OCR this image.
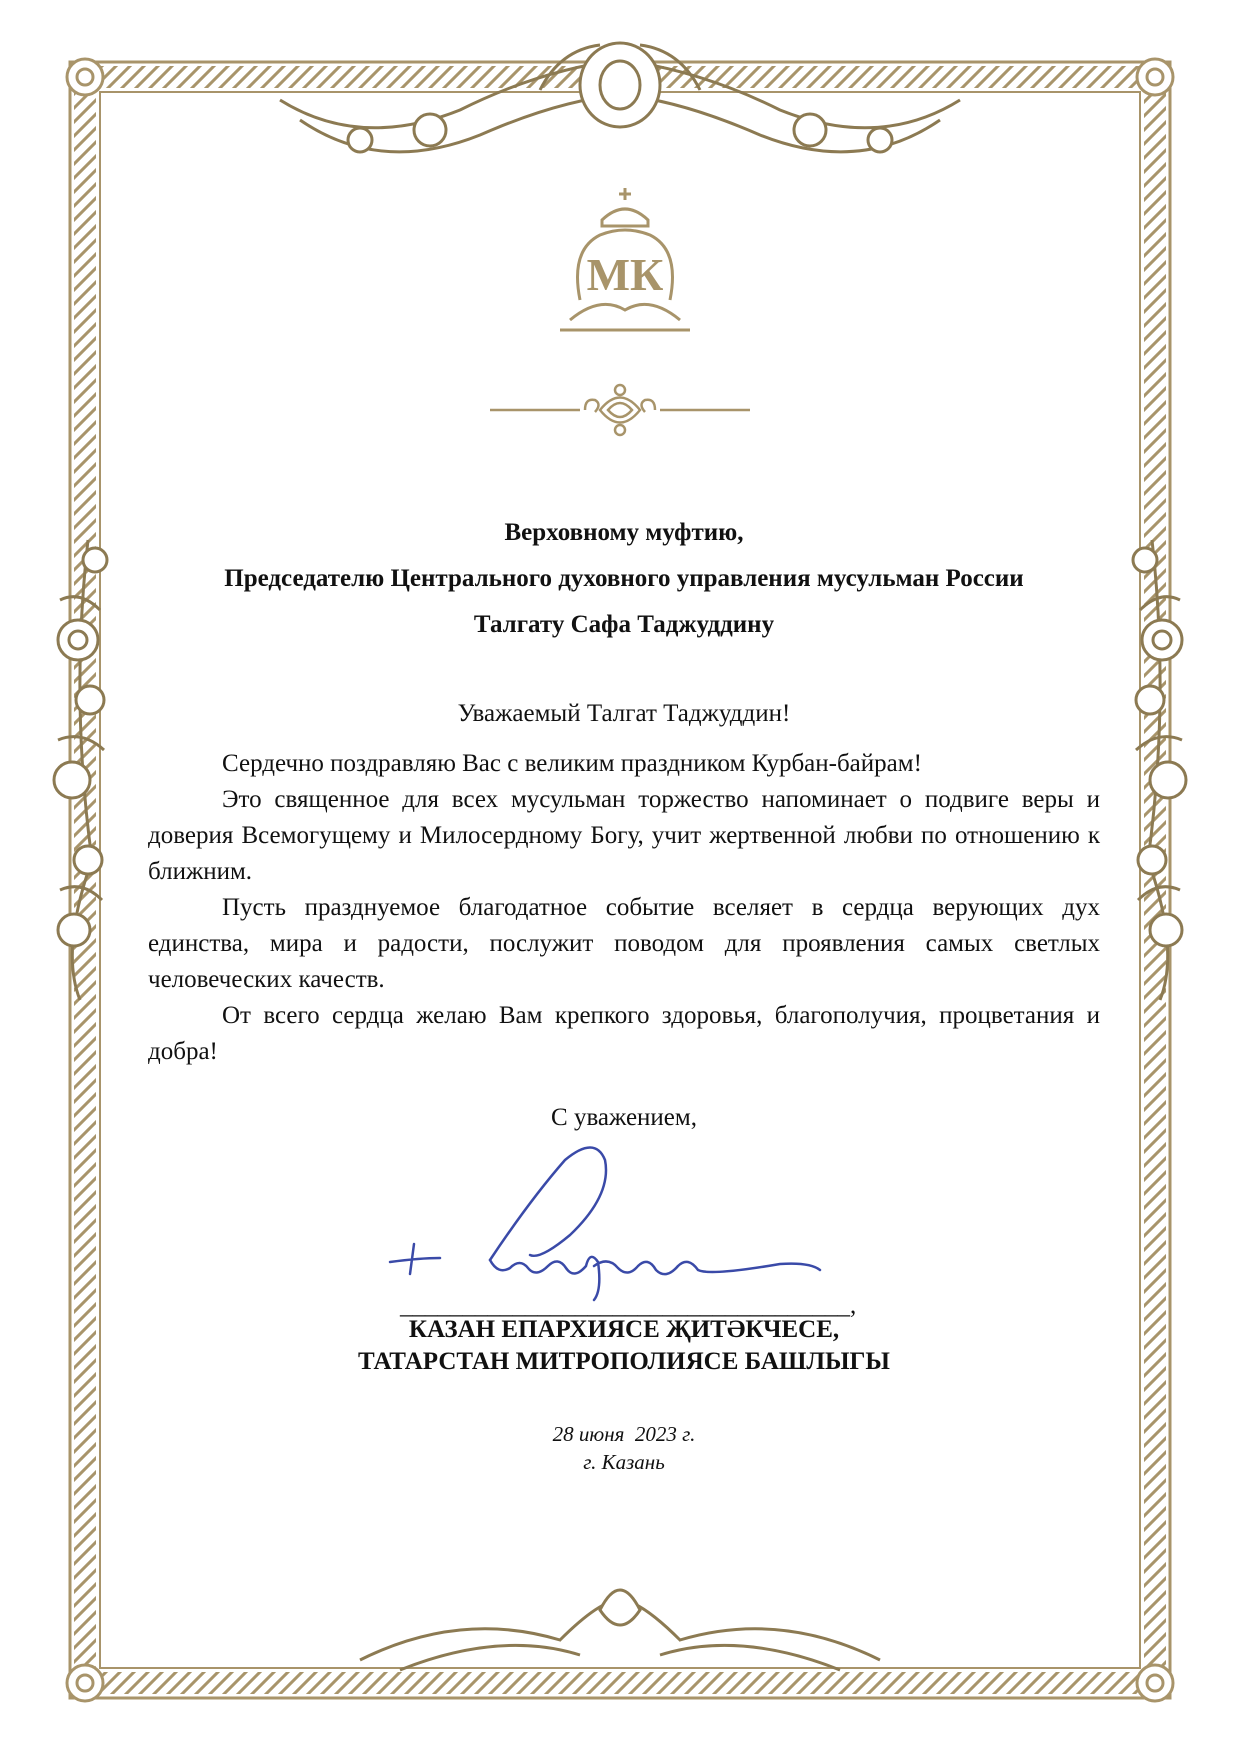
МК
Верховному муфтию,
Председателю Центрального духовного управления мусульман России
Талгату Сафа Таджуддину
Уважаемый Талгат Таджуддин!

Сердечно поздравляю Вас с великим праздником Курбан-байрам!

Это священное для всех мусульман торжество напоминает о подвиге веры и доверия Всемогущему и Милосердному Богу, учит жертвенной любви по отношению к ближним.

Пусть празднуемое благодатное событие вселяет в сердца верующих дух единства, мира и радости, послужит поводом для проявления самых светлых человеческих качеств.

От всего сердца желаю Вам крепкого здоровья, благополучия, процветания и добра!

С уважением,
____________________________________,
КАЗАН ЕПАРХИЯСЕ ҖИТӘКЧЕСЕ,
ТАТАРСТАН МИТРОПОЛИЯСЕ БАШЛЫГЫ
28 июня  2023 г.
г. Казань
